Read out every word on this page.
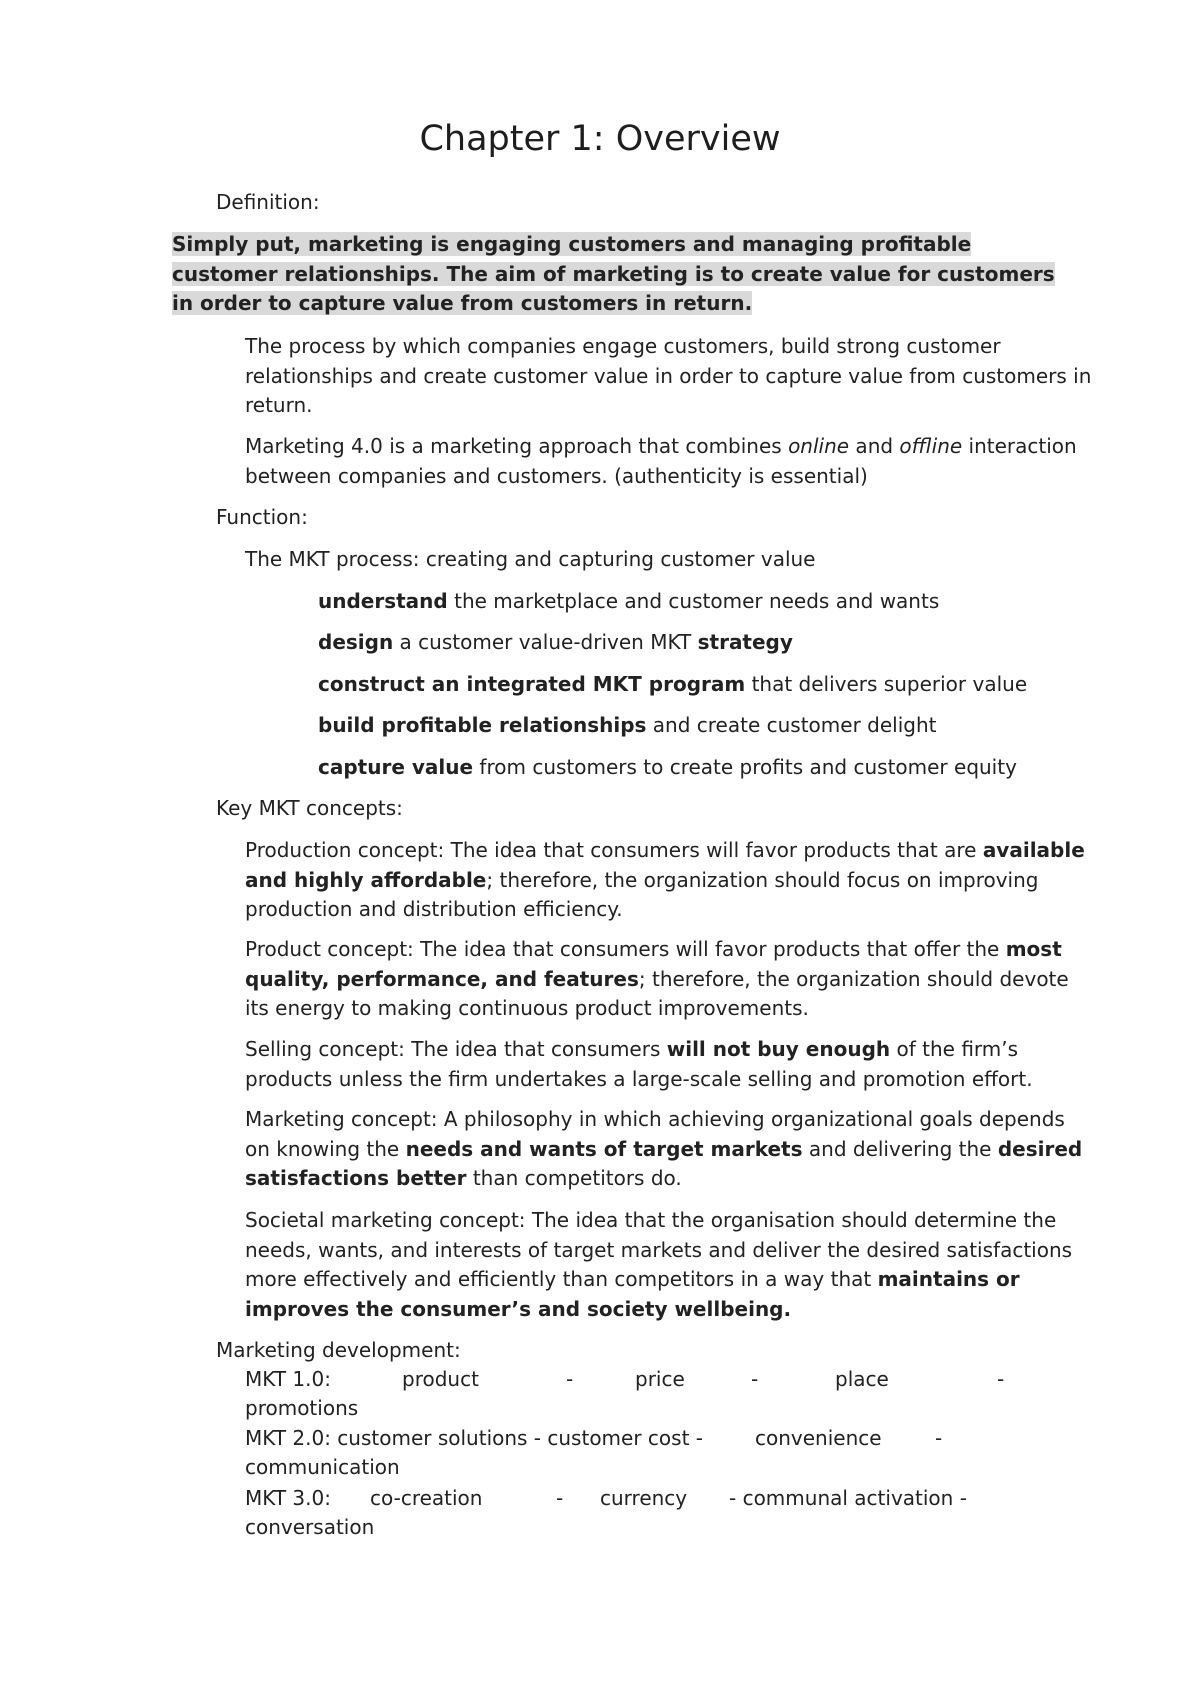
Chapter 1: Overview

Definition:

Simply put, marketing is engaging customers and managing profitable
customer relationships. The aim of marketing is to create value for customers
in order to capture value from customers in return.

The process by which companies engage customers, build strong customer relationships and create customer value in order to capture value from customers in return.

Marketing 4.0 is a marketing approach that combines online and offline interaction between companies and customers. (authenticity is essential)

Function:

The MKT process: creating and capturing customer value

understand the marketplace and customer needs and wants

design a customer value-driven MKT strategy

construct an integrated MKT program that delivers superior value

build profitable relationships and create customer delight

capture value from customers to create profits and customer equity

Key MKT concepts:

Production concept: The idea that consumers will favor products that are available and highly affordable; therefore, the organization should focus on improving production and distribution efficiency.

Product concept: The idea that consumers will favor products that offer the most quality, performance, and features; therefore, the organization should devote its energy to making continuous product improvements.

Selling concept: The idea that consumers will not buy enough of the firm’s products unless the firm undertakes a large-scale selling and promotion effort.

Marketing concept: A philosophy in which achieving organizational goals depends on knowing the needs and wants of target markets and delivering the desired satisfactions better than competitors do.

Societal marketing concept: The idea that the organisation should determine the needs, wants, and interests of target markets and deliver the desired satisfactions more effectively and efficiently than competitors in a way that maintains or improves the consumer’s and society wellbeing.

Marketing development:

MKT 1.0:	product	-	price	-	place	-

promotions

MKT 2.0: customer solutions - customer cost -	convenience	-

communication

MKT 3.0: co-creation	- currency - communal activation -

conversation
